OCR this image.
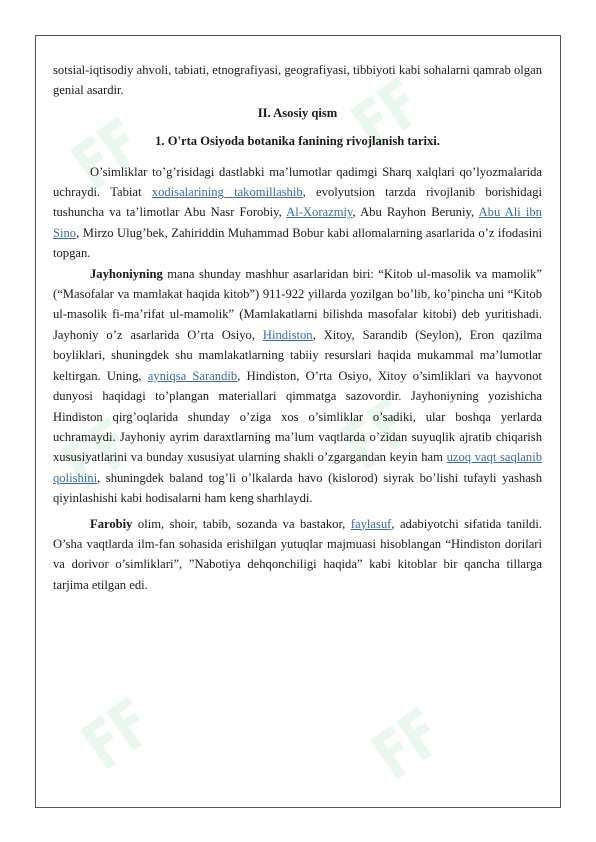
sotsial-iqtisodiy ahvoli, tabiati, etnografiyasi, geografiyasi, tibbiyoti kabi sohalarni qamrab olgan genial asardir.

II. Asosiy qism

1. O'rta Osiyoda botanika fanining rivojlanish tarixi.

O’simliklar to’g’risidagi dastlabki ma’lumotlar qadimgi Sharq xalqlari qo’lyozmalarida uchraydi. Tabiat xodisalarining takomillashib, evolyutsion tarzda rivojlanib borishidagi tushuncha va ta’limotlar Abu Nasr Forobiy, Al-Xorazmiy, Abu Rayhon Beruniy, Abu Ali ibn Sino, Mirzo Ulug’bek, Zahiriddin Muhammad Bobur kabi allomalarning asarlarida o’z ifodasini topgan.

Jayhoniyning mana shunday mashhur asarlaridan biri: “Kitob ul-masolik va mamolik” (“Masofalar va mamlakat haqida kitob”) 911-922 yillarda yozilgan bo’lib, ko’pincha uni “Kitob ul-masolik fi-ma’rifat ul-mamolik” (Mamlakatlarni bilishda masofalar kitobi) deb yuritishadi. Jayhoniy o’z asarlarida O’rta Osiyo, Hindiston, Xitoy, Sarandib (Seylon), Eron qazilma boyliklari, shuningdek shu mamlakatlarning tabiiy resurslari haqida mukammal ma’lumotlar keltirgan. Uning, ayniqsa Sarandib, Hindiston, O’rta Osiyo, Xitoy o’simliklari va hayvonot dunyosi haqidagi to’plangan materiallari qimmatga sazovordir. Jayhoniyning yozishicha Hindiston qirg’oqlarida shunday o’ziga xos o’simliklar o’sadiki, ular boshqa yerlarda uchramaydi. Jayhoniy ayrim daraxtlarning ma’lum vaqtlarda o’zidan suyuqlik ajratib chiqarish xususiyatlarini va bunday xususiyat ularning shakli o’zgargandan keyin ham uzoq vaqt saqlanib qolishini, shuningdek baland tog’li o’lkalarda havo (kislorod) siyrak bo’lishi tufayli yashash qiyinlashishi kabi hodisalarni ham keng sharhlaydi.

Farobiy olim, shoir, tabib, sozanda va bastakor, faylasuf, adabiyotchi sifatida tanildi. O’sha vaqtlarda ilm-fan sohasida erishilgan yutuqlar majmuasi hisoblangan “Hindiston dorilari va dorivor o’simliklari”, ”Nabotiya dehqonchiligi haqida” kabi kitoblar bir qancha tillarga tarjima etilgan edi.
